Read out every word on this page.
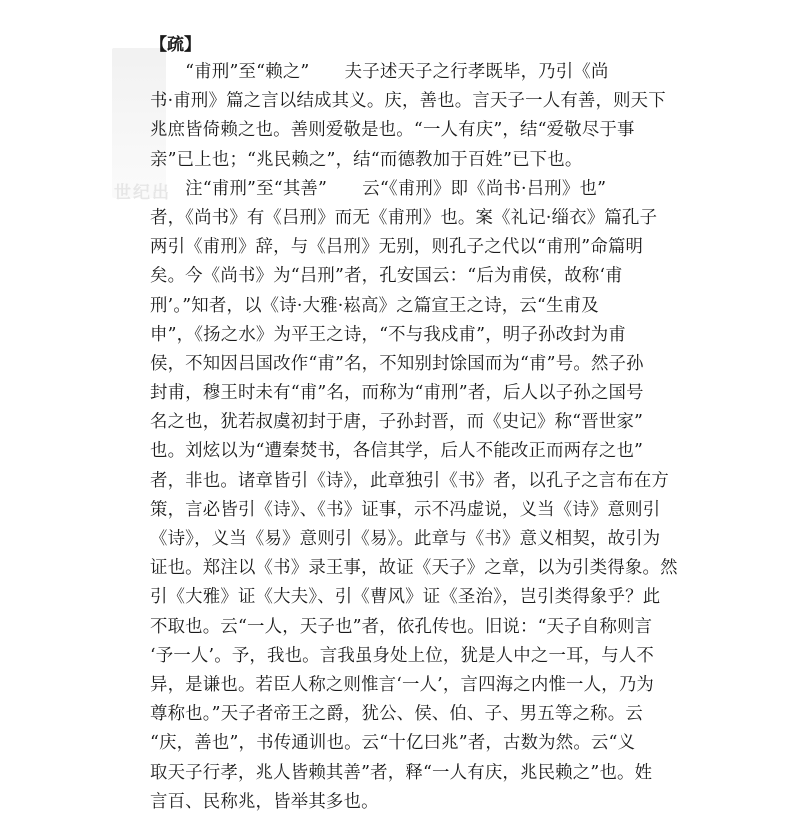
世纪出
【疏】
　　“甫刑”至“赖之”　　夫子述天子之行孝既毕，乃引《尚
书·甫刑》篇之言以结成其义。庆，善也。言天子一人有善，则天下
兆庶皆倚赖之也。善则爱敬是也。“一人有庆”，结“爱敬尽于事
亲”已上也；“兆民赖之”，结“而德教加于百姓”已下也。
　　注“甫刑”至“其善”　　云“《甫刑》即《尚书·吕刑》也”
者，《尚书》有《吕刑》而无《甫刑》也。案《礼记·缁衣》篇孔子
两引《甫刑》辞，与《吕刑》无别，则孔子之代以“甫刑”命篇明
矣。今《尚书》为“吕刑”者，孔安国云：“后为甫侯，故称‘甫
刑’。”知者，以《诗·大雅·崧高》之篇宣王之诗，云“生甫及
申”，《扬之水》为平王之诗，“不与我戍甫”，明子孙改封为甫
侯，不知因吕国改作“甫”名，不知别封馀国而为“甫”号。然子孙
封甫，穆王时未有“甫”名，而称为“甫刑”者，后人以子孙之国号
名之也，犹若叔虞初封于唐，子孙封晋，而《史记》称“晋世家”
也。刘炫以为“遭秦焚书，各信其学，后人不能改正而两存之也”
者，非也。诸章皆引《诗》，此章独引《书》者，以孔子之言布在方
策，言必皆引《诗》、《书》证事，示不冯虚说，义当《诗》意则引
《诗》，义当《易》意则引《易》。此章与《书》意义相契，故引为
证也。郑注以《书》录王事，故证《天子》之章，以为引类得象。然
引《大雅》证《大夫》、引《曹风》证《圣治》，岂引类得象乎？此
不取也。云“一人，天子也”者，依孔传也。旧说：“天子自称则言
‘予一人’。予，我也。言我虽身处上位，犹是人中之一耳，与人不
异，是谦也。若臣人称之则惟言‘一人’，言四海之内惟一人，乃为
尊称也。”天子者帝王之爵，犹公、侯、伯、子、男五等之称。云
“庆，善也”，书传通训也。云“十亿曰兆”者，古数为然。云“义
取天子行孝，兆人皆赖其善”者，释“一人有庆，兆民赖之”也。姓
言百、民称兆，皆举其多也。
